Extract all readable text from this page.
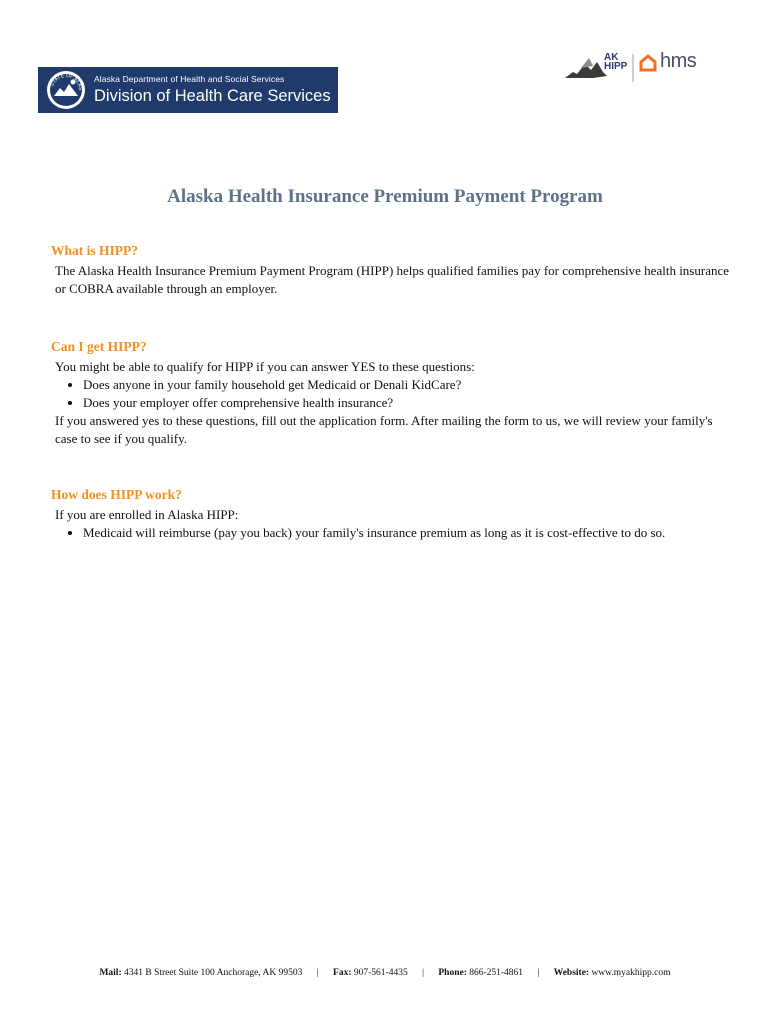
STATE OF ALAS
Alaska Department of Health and Social Services
Division of Health Care Services
AK
HIPP hms
Alaska Health Insurance Premium Payment Program
What is HIPP?

The Alaska Health Insurance Premium Payment Program (HIPP) helps qualified families pay for comprehensive health insurance or COBRA available through an employer.

Can I get HIPP?

You might be able to qualify for HIPP if you can answer YES to these questions:

• Does anyone in your family household get Medicaid or Denali KidCare?
• Does your employer offer comprehensive health insurance?

If you answered yes to these questions, fill out the application form. After mailing the form to us, we will review your family's case to see if you qualify.

How does HIPP work?

If you are enrolled in Alaska HIPP:

• Medicaid will reimburse (pay you back) your family's insurance premium as long as it is cost-effective to do so.
Mail: 4341 B Street Suite 100 Anchorage, AK 99503 | Fax: 907-561-4435 | Phone: 866-251-4861 | Website: www.myakhipp.com
